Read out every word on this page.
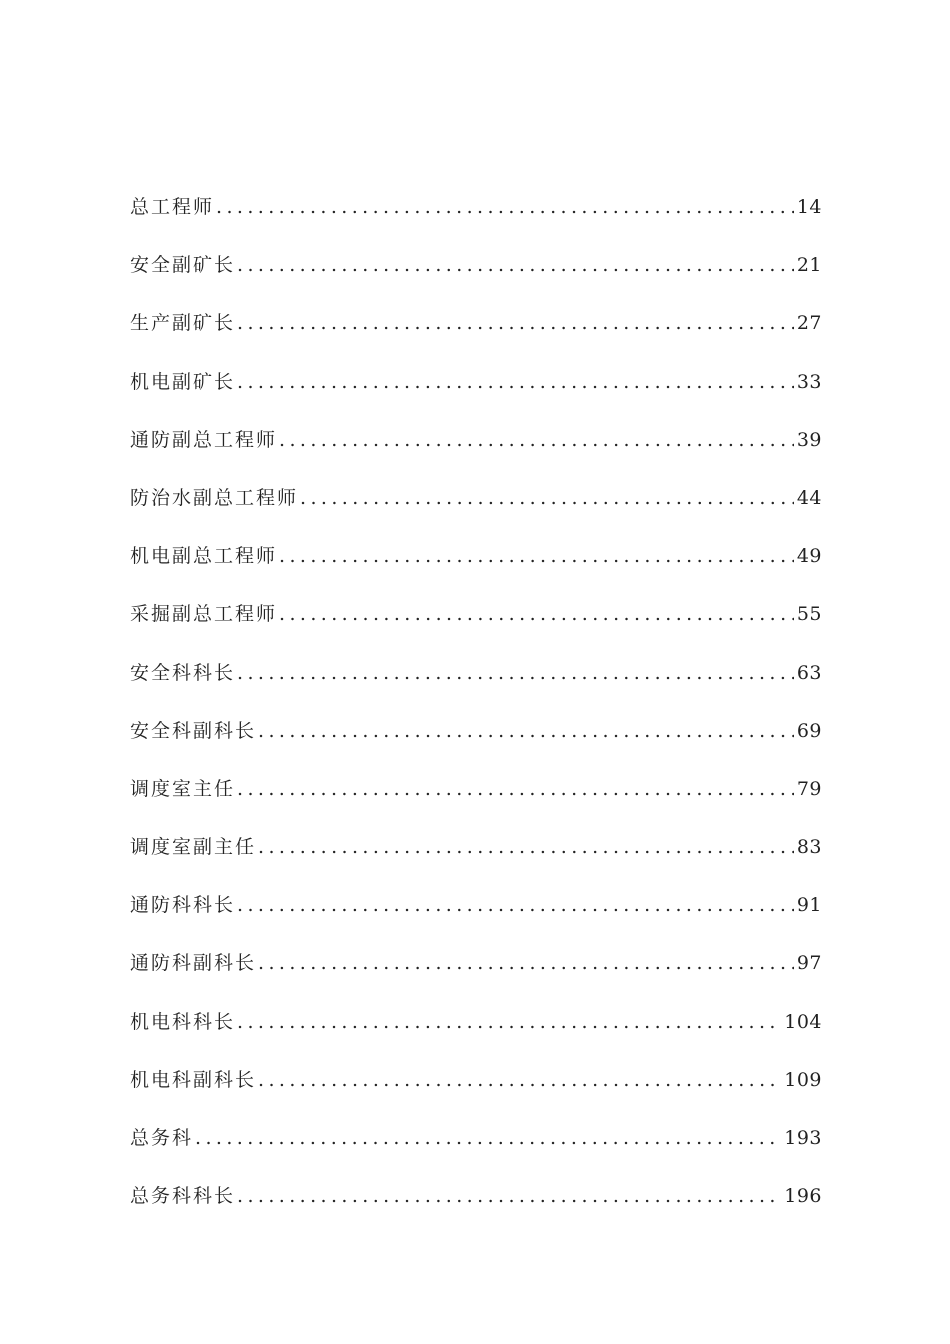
总工程师 .....	14
安全副矿长 .....	21
生产副矿长 .....	27
机电副矿长 .....	33
通防副总工程师 .....	39
防治水副总工程师 .....	44
机电副总工程师 .....	49
采掘副总工程师 .....	55
安全科科长 .....	63
安全科副科长 .....	69
调度室主任 .....	79
调度室副主任 .....	83
通防科科长 .....	91
通防科副科长 .....	97
机电科科长 .....	104
机电科副科长 .....	109
总务科 .....	193
总务科科长 .....	196
